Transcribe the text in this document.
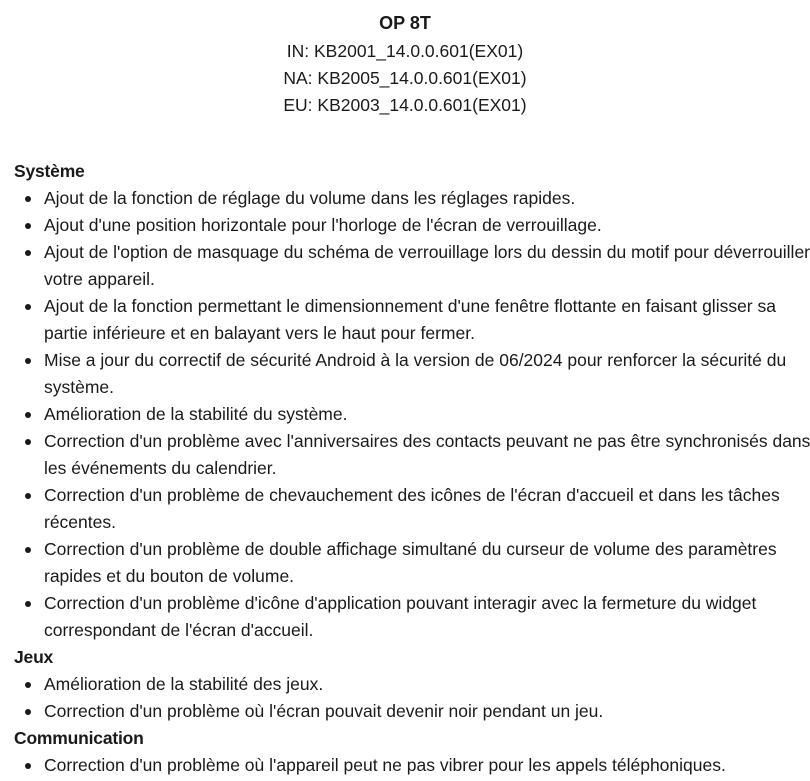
OP 8T
IN: KB2001_14.0.0.601(EX01)
NA: KB2005_14.0.0.601(EX01)
EU: KB2003_14.0.0.601(EX01)
Système
Ajout de la fonction de réglage du volume dans les réglages rapides.
Ajout d'une position horizontale pour l'horloge de l'écran de verrouillage.
Ajout de l'option de masquage du schéma de verrouillage lors du dessin du motif pour déverrouiller votre appareil.
Ajout de la fonction permettant le dimensionnement d'une fenêtre flottante en faisant glisser sa partie inférieure et en balayant vers le haut pour fermer.
Mise a jour du correctif de sécurité Android à la version de 06/2024 pour renforcer la sécurité du système.
Amélioration de la stabilité du système.
Correction d'un problème avec l'anniversaires des contacts peuvant ne pas être synchronisés dans les événements du calendrier.
Correction d'un problème de chevauchement des icônes de l'écran d'accueil et dans les tâches récentes.
Correction d'un problème de double affichage simultané du curseur de volume des paramètres rapides et du bouton de volume.
Correction d'un problème d'icône d'application pouvant interagir avec la fermeture du widget correspondant de l'écran d'accueil.
Jeux
Amélioration de la stabilité des jeux.
Correction d'un problème où l'écran pouvait devenir noir pendant un jeu.
Communication
Correction d'un problème où l'appareil peut ne pas vibrer pour les appels téléphoniques.
